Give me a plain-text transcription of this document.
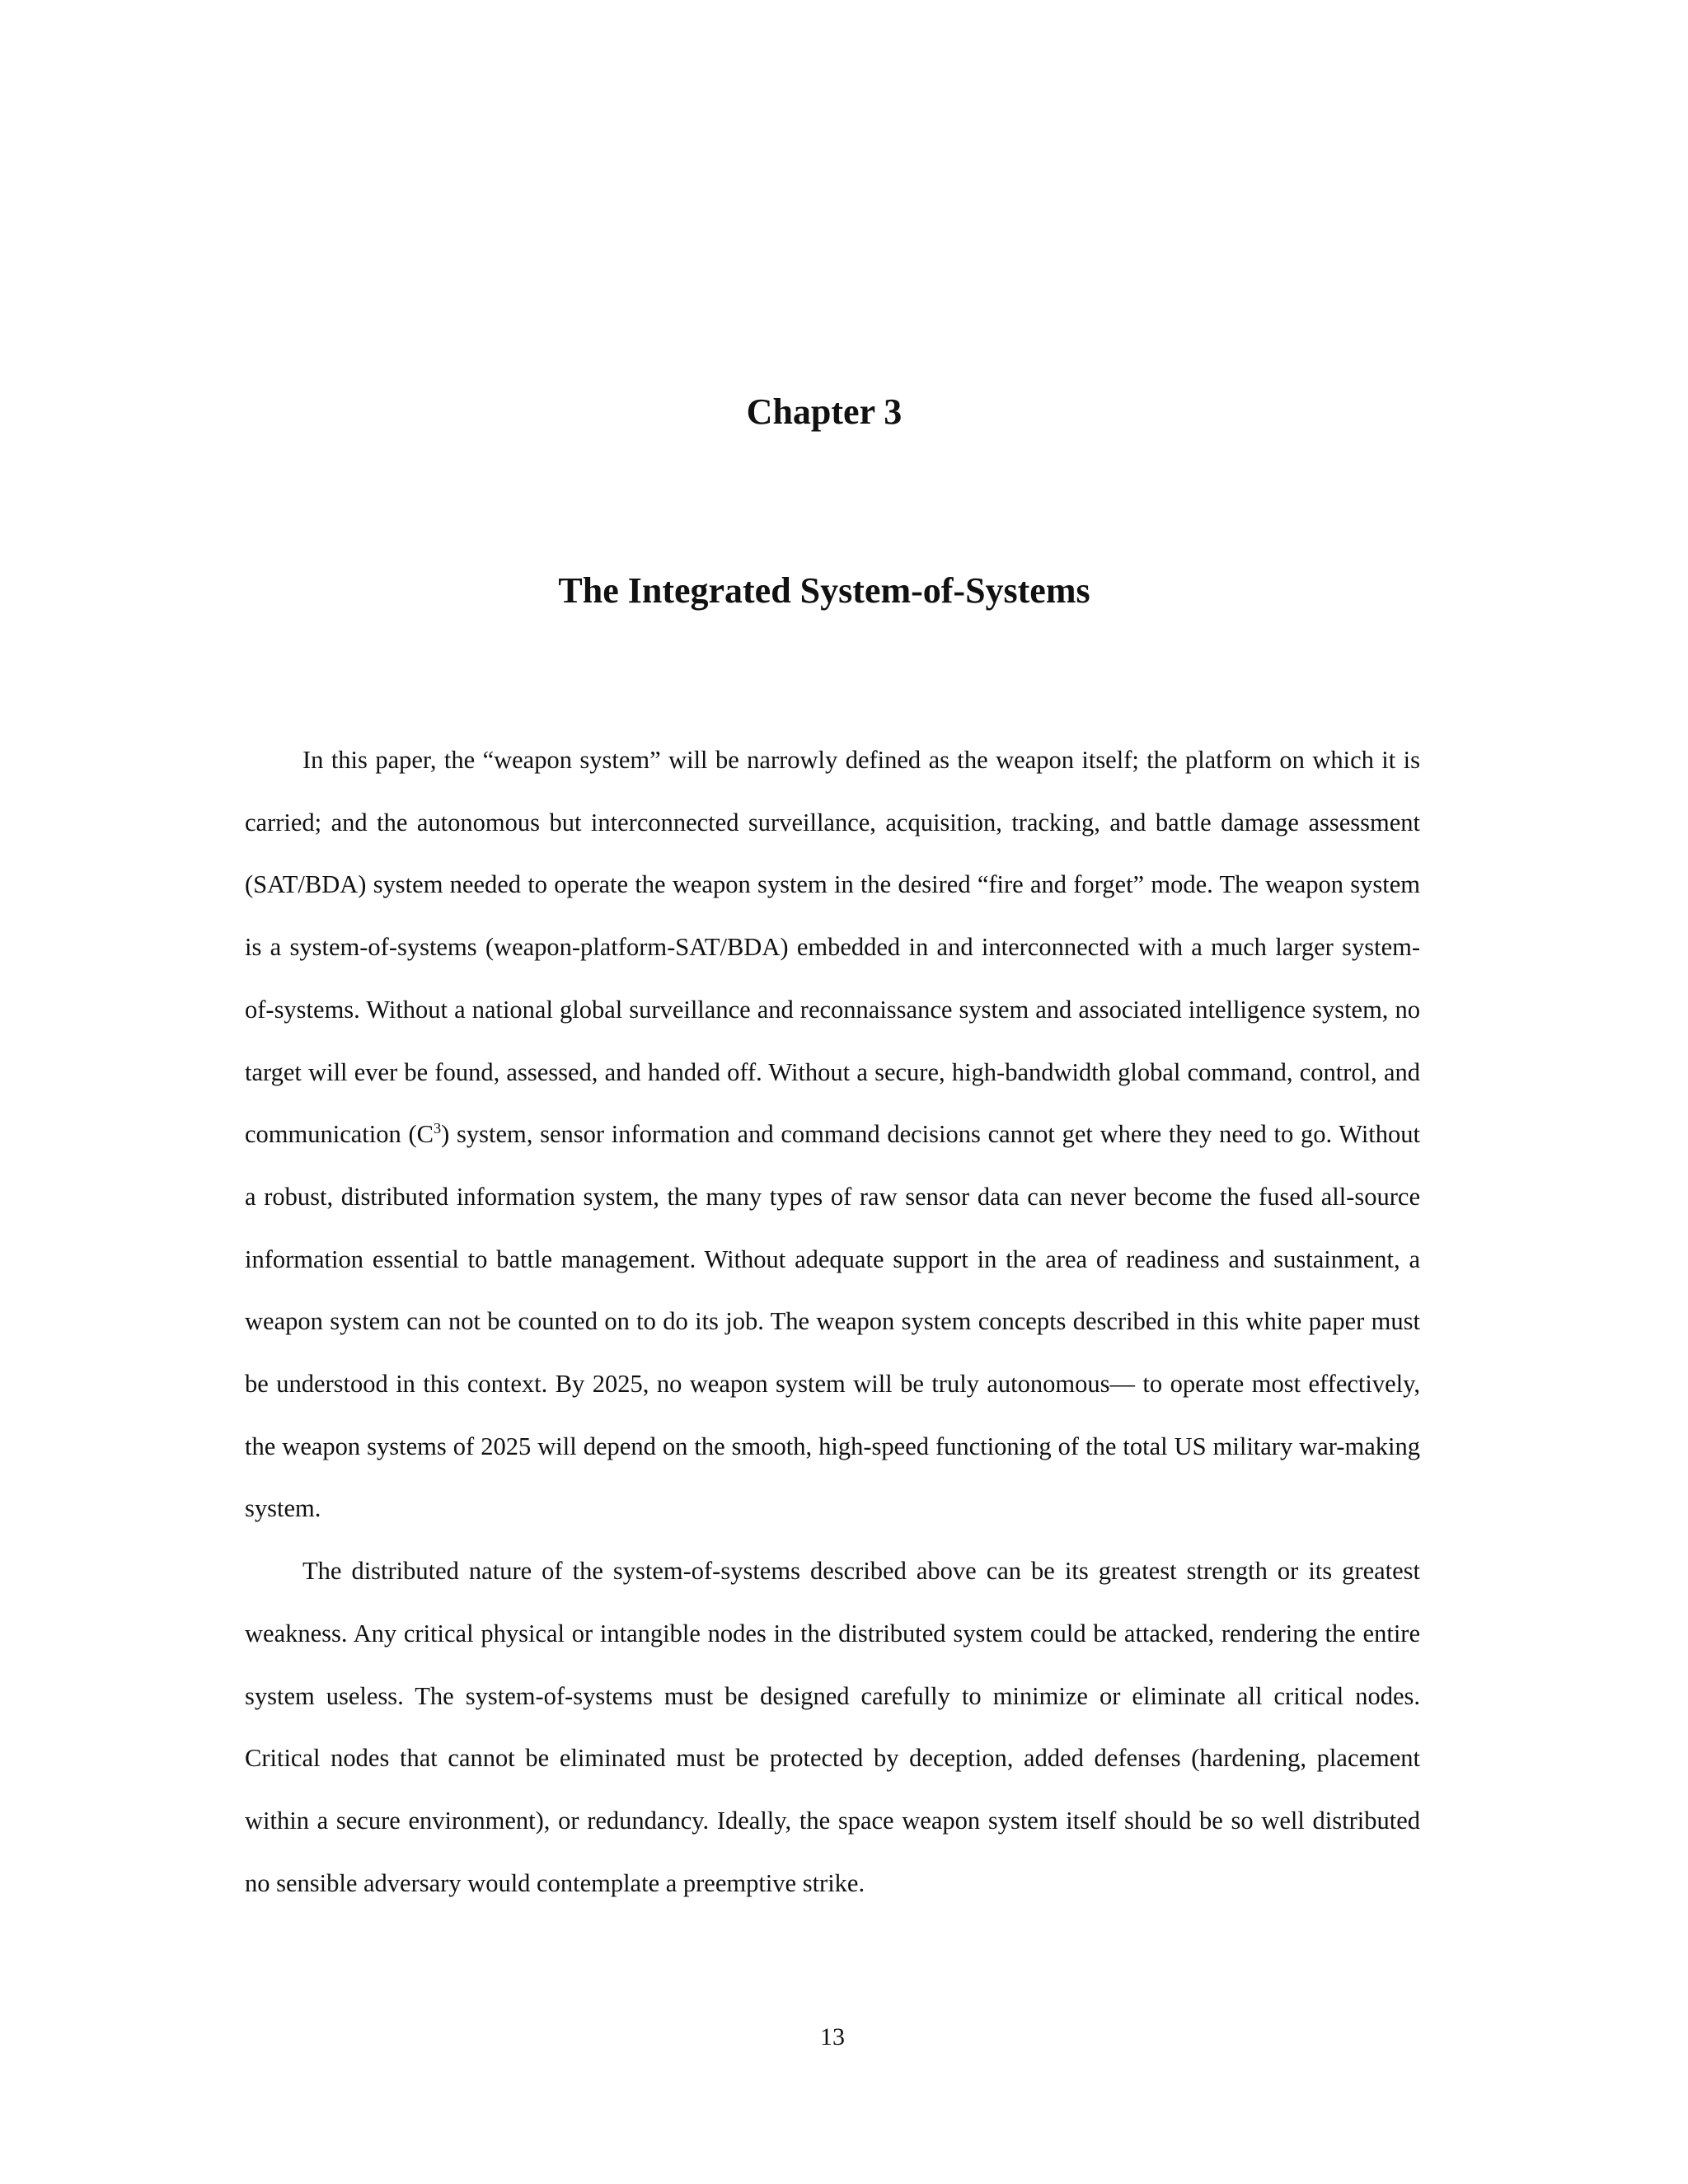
Chapter 3
The Integrated System-of-Systems

In this paper, the “weapon system” will be narrowly defined as the weapon itself; the platform on which it is carried; and the autonomous but interconnected surveillance, acquisition, tracking, and battle damage assessment (SAT/BDA) system needed to operate the weapon system in the desired “fire and forget” mode. The weapon system is a system-of-systems (weapon-platform-SAT/BDA) embedded in and interconnected with a much larger system-of-systems. Without a national global surveillance and reconnaissance system and associated intelligence system, no target will ever be found, assessed, and handed off. Without a secure, high-bandwidth global command, control, and communication $(C^3)$ system, sensor information and command decisions cannot get where they need to go. Without a robust, distributed information system, the many types of raw sensor data can never become the fused all-source information essential to battle management. Without adequate support in the area of readiness and sustainment, a weapon system can not be counted on to do its job. The weapon system concepts described in this white paper must be understood in this context. By 2025, no weapon system will be truly autonomous— to operate most effectively, the weapon systems of 2025 will depend on the smooth, high-speed functioning of the total US military war-making system.

The distributed nature of the system-of-systems described above can be its greatest strength or its greatest weakness. Any critical physical or intangible nodes in the distributed system could be attacked, rendering the entire system useless. The system-of-systems must be designed carefully to minimize or eliminate all critical nodes. Critical nodes that cannot be eliminated must be protected by deception, added defenses (hardening, placement within a secure environment), or redundancy. Ideally, the space weapon system itself should be so well distributed no sensible adversary would contemplate a preemptive strike.

13
